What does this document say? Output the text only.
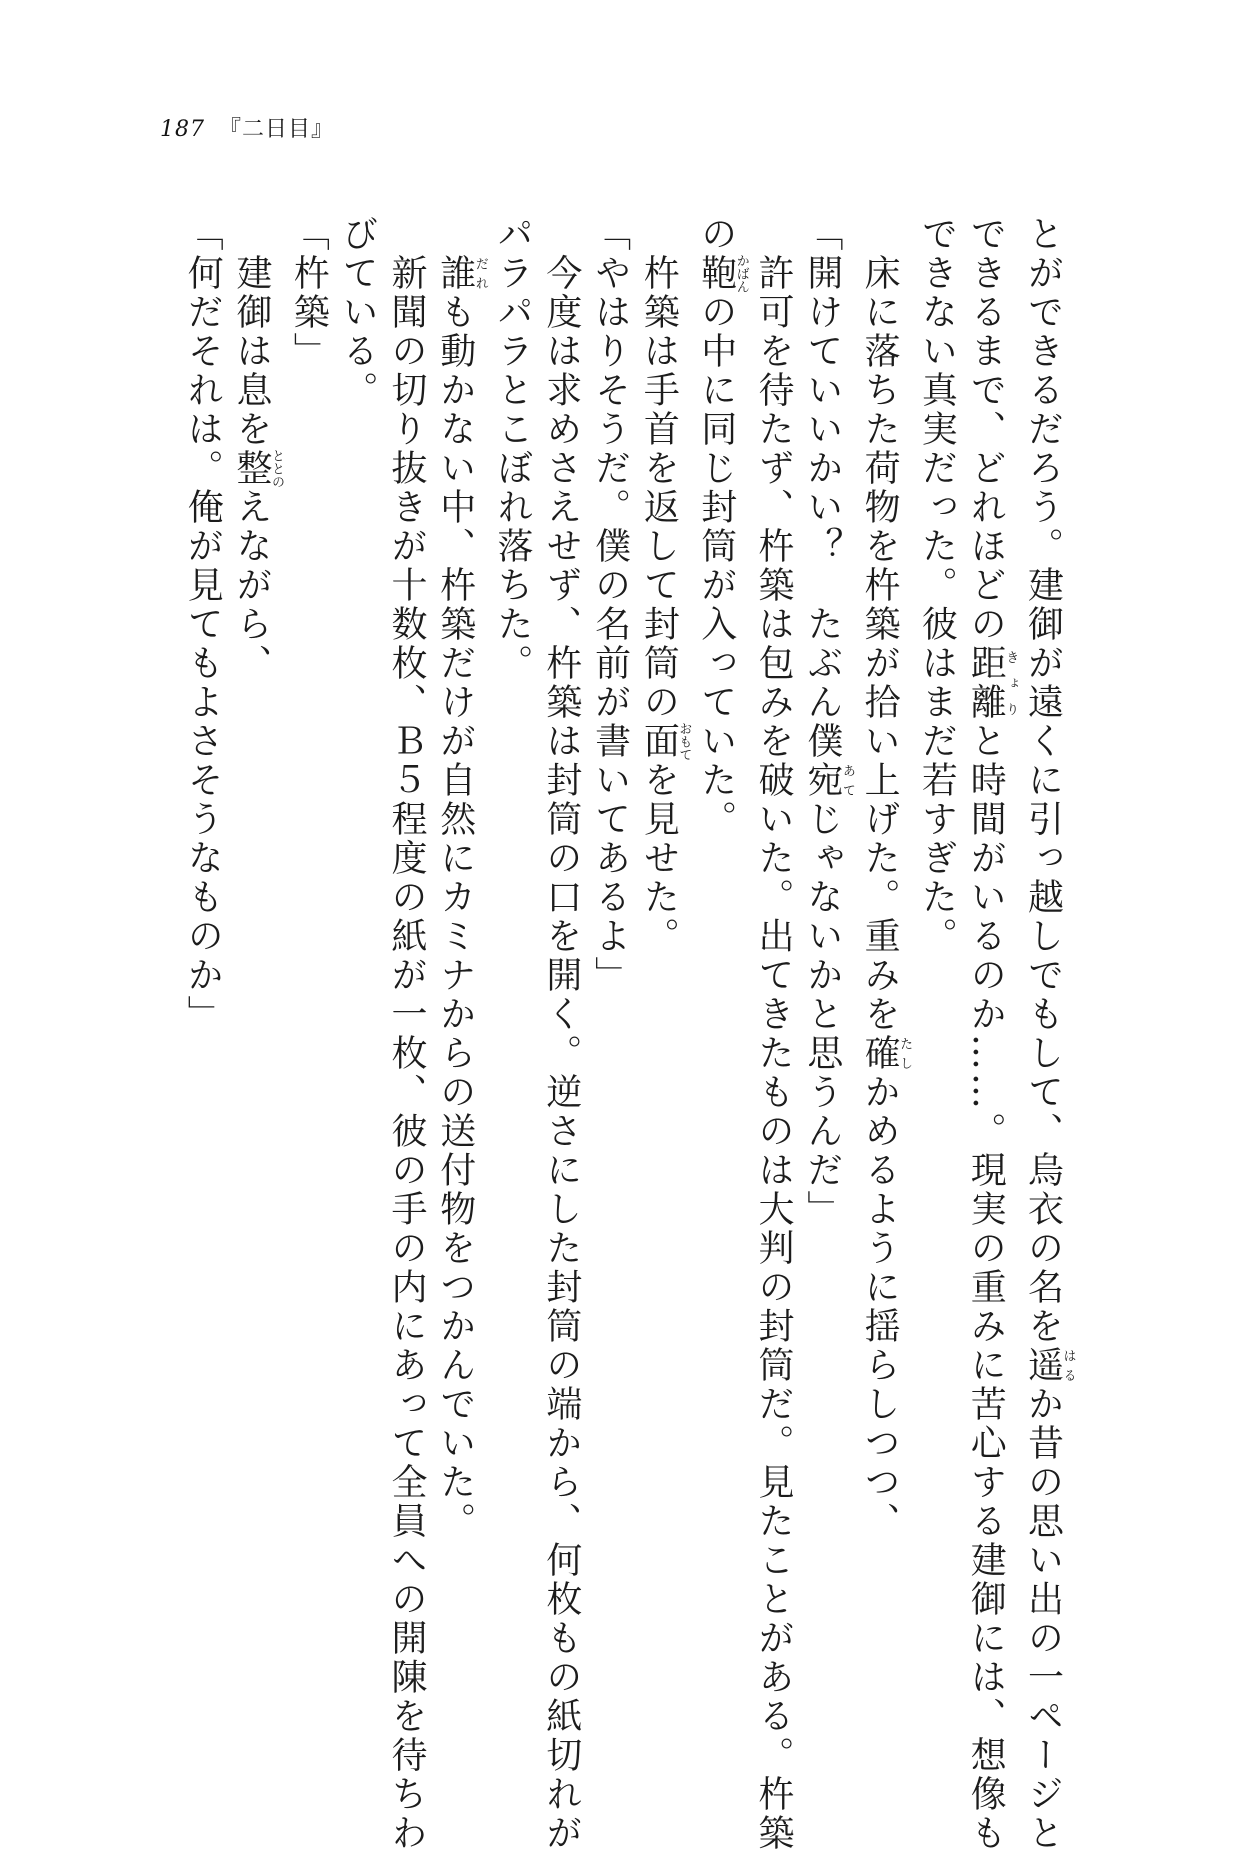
187 『二日目』
とができるだろう。建御が遠くに引っ越しでもして、烏衣の名を遥はるか昔の思い出の一ページと
できるまで、どれほどの距離きょりと時間がいるのか……。現実の重みに苦心する建御には、想像も
できない真実だった。彼はまだ若すぎた。
　床に落ちた荷物を杵築が拾い上げた。重みを確たしかめるように揺らしつつ、
「開けていいかい？　たぶん僕宛あてじゃないかと思うんだ」
　許可を待たず、杵築は包みを破いた。出てきたものは大判の封筒だ。見たことがある。杵築
の鞄かばんの中に同じ封筒が入っていた。
　杵築は手首を返して封筒の面おもてを見せた。
「やはりそうだ。僕の名前が書いてあるよ」
　今度は求めさえせず、杵築は封筒の口を開く。逆さにした封筒の端から、何枚もの紙切れが
パラパラとこぼれ落ちた。
　誰だれも動かない中、杵築だけが自然にカミナからの送付物をつかんでいた。
　新聞の切り抜きが十数枚、Ｂ５程度の紙が一枚、彼の手の内にあって全員への開陳を待ちわ
びている。
「杵築」
　建御は息を整ととのえながら、
「何だそれは。俺が見てもよさそうなものか」
